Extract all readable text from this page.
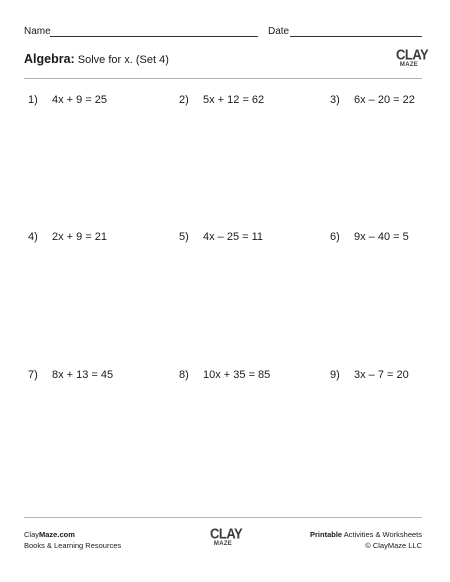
Name	Date
Algebra: Solve for x. (Set 4)	CLAY
MAZE
1) 4x + 9 = 25	2) 5x + 12 = 62	3) 6x – 20 = 22
4) 2x + 9 = 21	5) 4x – 25 = 11	6) 9x – 40 = 5
7) 8x + 13 = 45	8) 10x + 35 = 85	9) 3x – 7 = 20
ClayMaze.com
Books & Learning Resources
CLAY
MAZE
Printable Activities & Worksheets
© ClayMaze LLC
